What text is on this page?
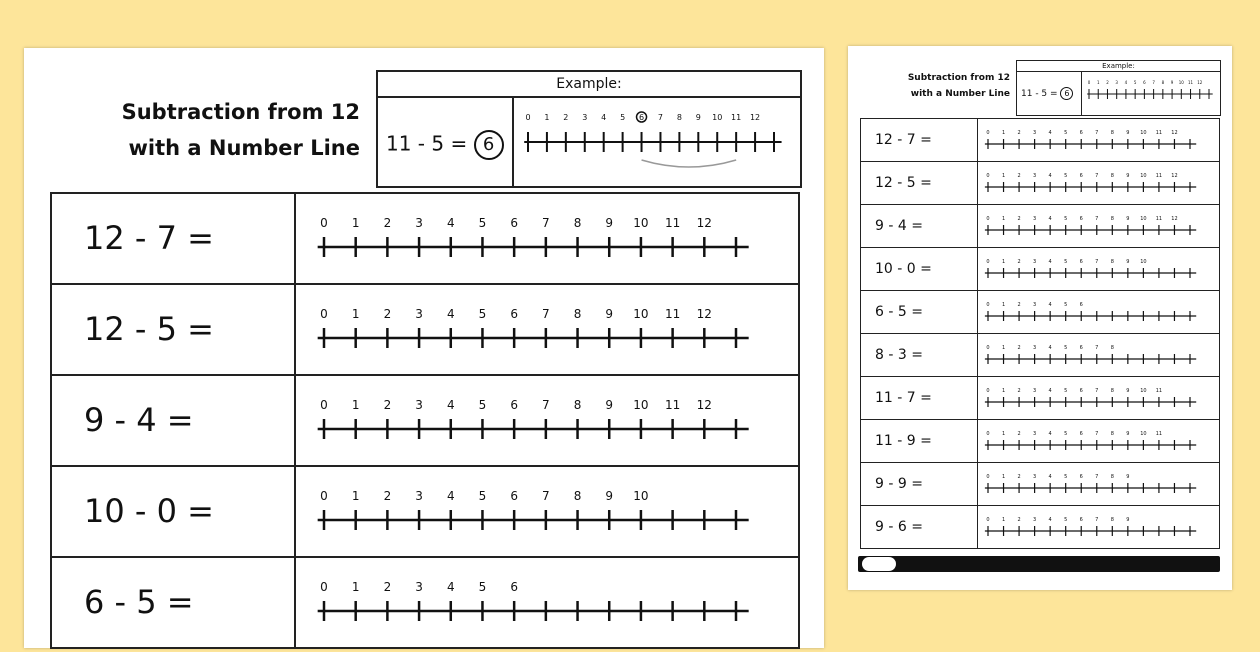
Subtraction from 12
with a Number Line
Example:
11 - 5 = 6
0 1 2 3 4 5 6 7 8 9 10 11 12
12 - 7 =	0 1 2 3 4 5 6 7 8 9 10 11 12
12 - 5 =	0 1 2 3 4 5 6 7 8 9 10 11 12
9 - 4 =	0 1 2 3 4 5 6 7 8 9 10 11 12
10 - 0 =	0 1 2 3 4 5 6 7 8 9 10
6 - 5 =	0 1 2 3 4 5 6
Subtraction from 12
with a Number Line
Example:
11 - 5 = 6
0 1 2 3 4 5 6 7 8 9 10 11 12
12 - 7 =	0 1 2 3 4 5 6 7 8 9 10 11 12
12 - 5 =	0 1 2 3 4 5 6 7 8 9 10 11 12
9 - 4 =	0 1 2 3 4 5 6 7 8 9 10 11 12
10 - 0 =	0 1 2 3 4 5 6 7 8 9 10
6 - 5 =	0 1 2 3 4 5 6
8 - 3 =	0 1 2 3 4 5 6 7 8
11 - 7 =	0 1 2 3 4 5 6 7 8 9 10 11
11 - 9 =	0 1 2 3 4 5 6 7 8 9 10 11
9 - 9 =	0 1 2 3 4 5 6 7 8 9
9 - 6 =	0 1 2 3 4 5 6 7 8 9
